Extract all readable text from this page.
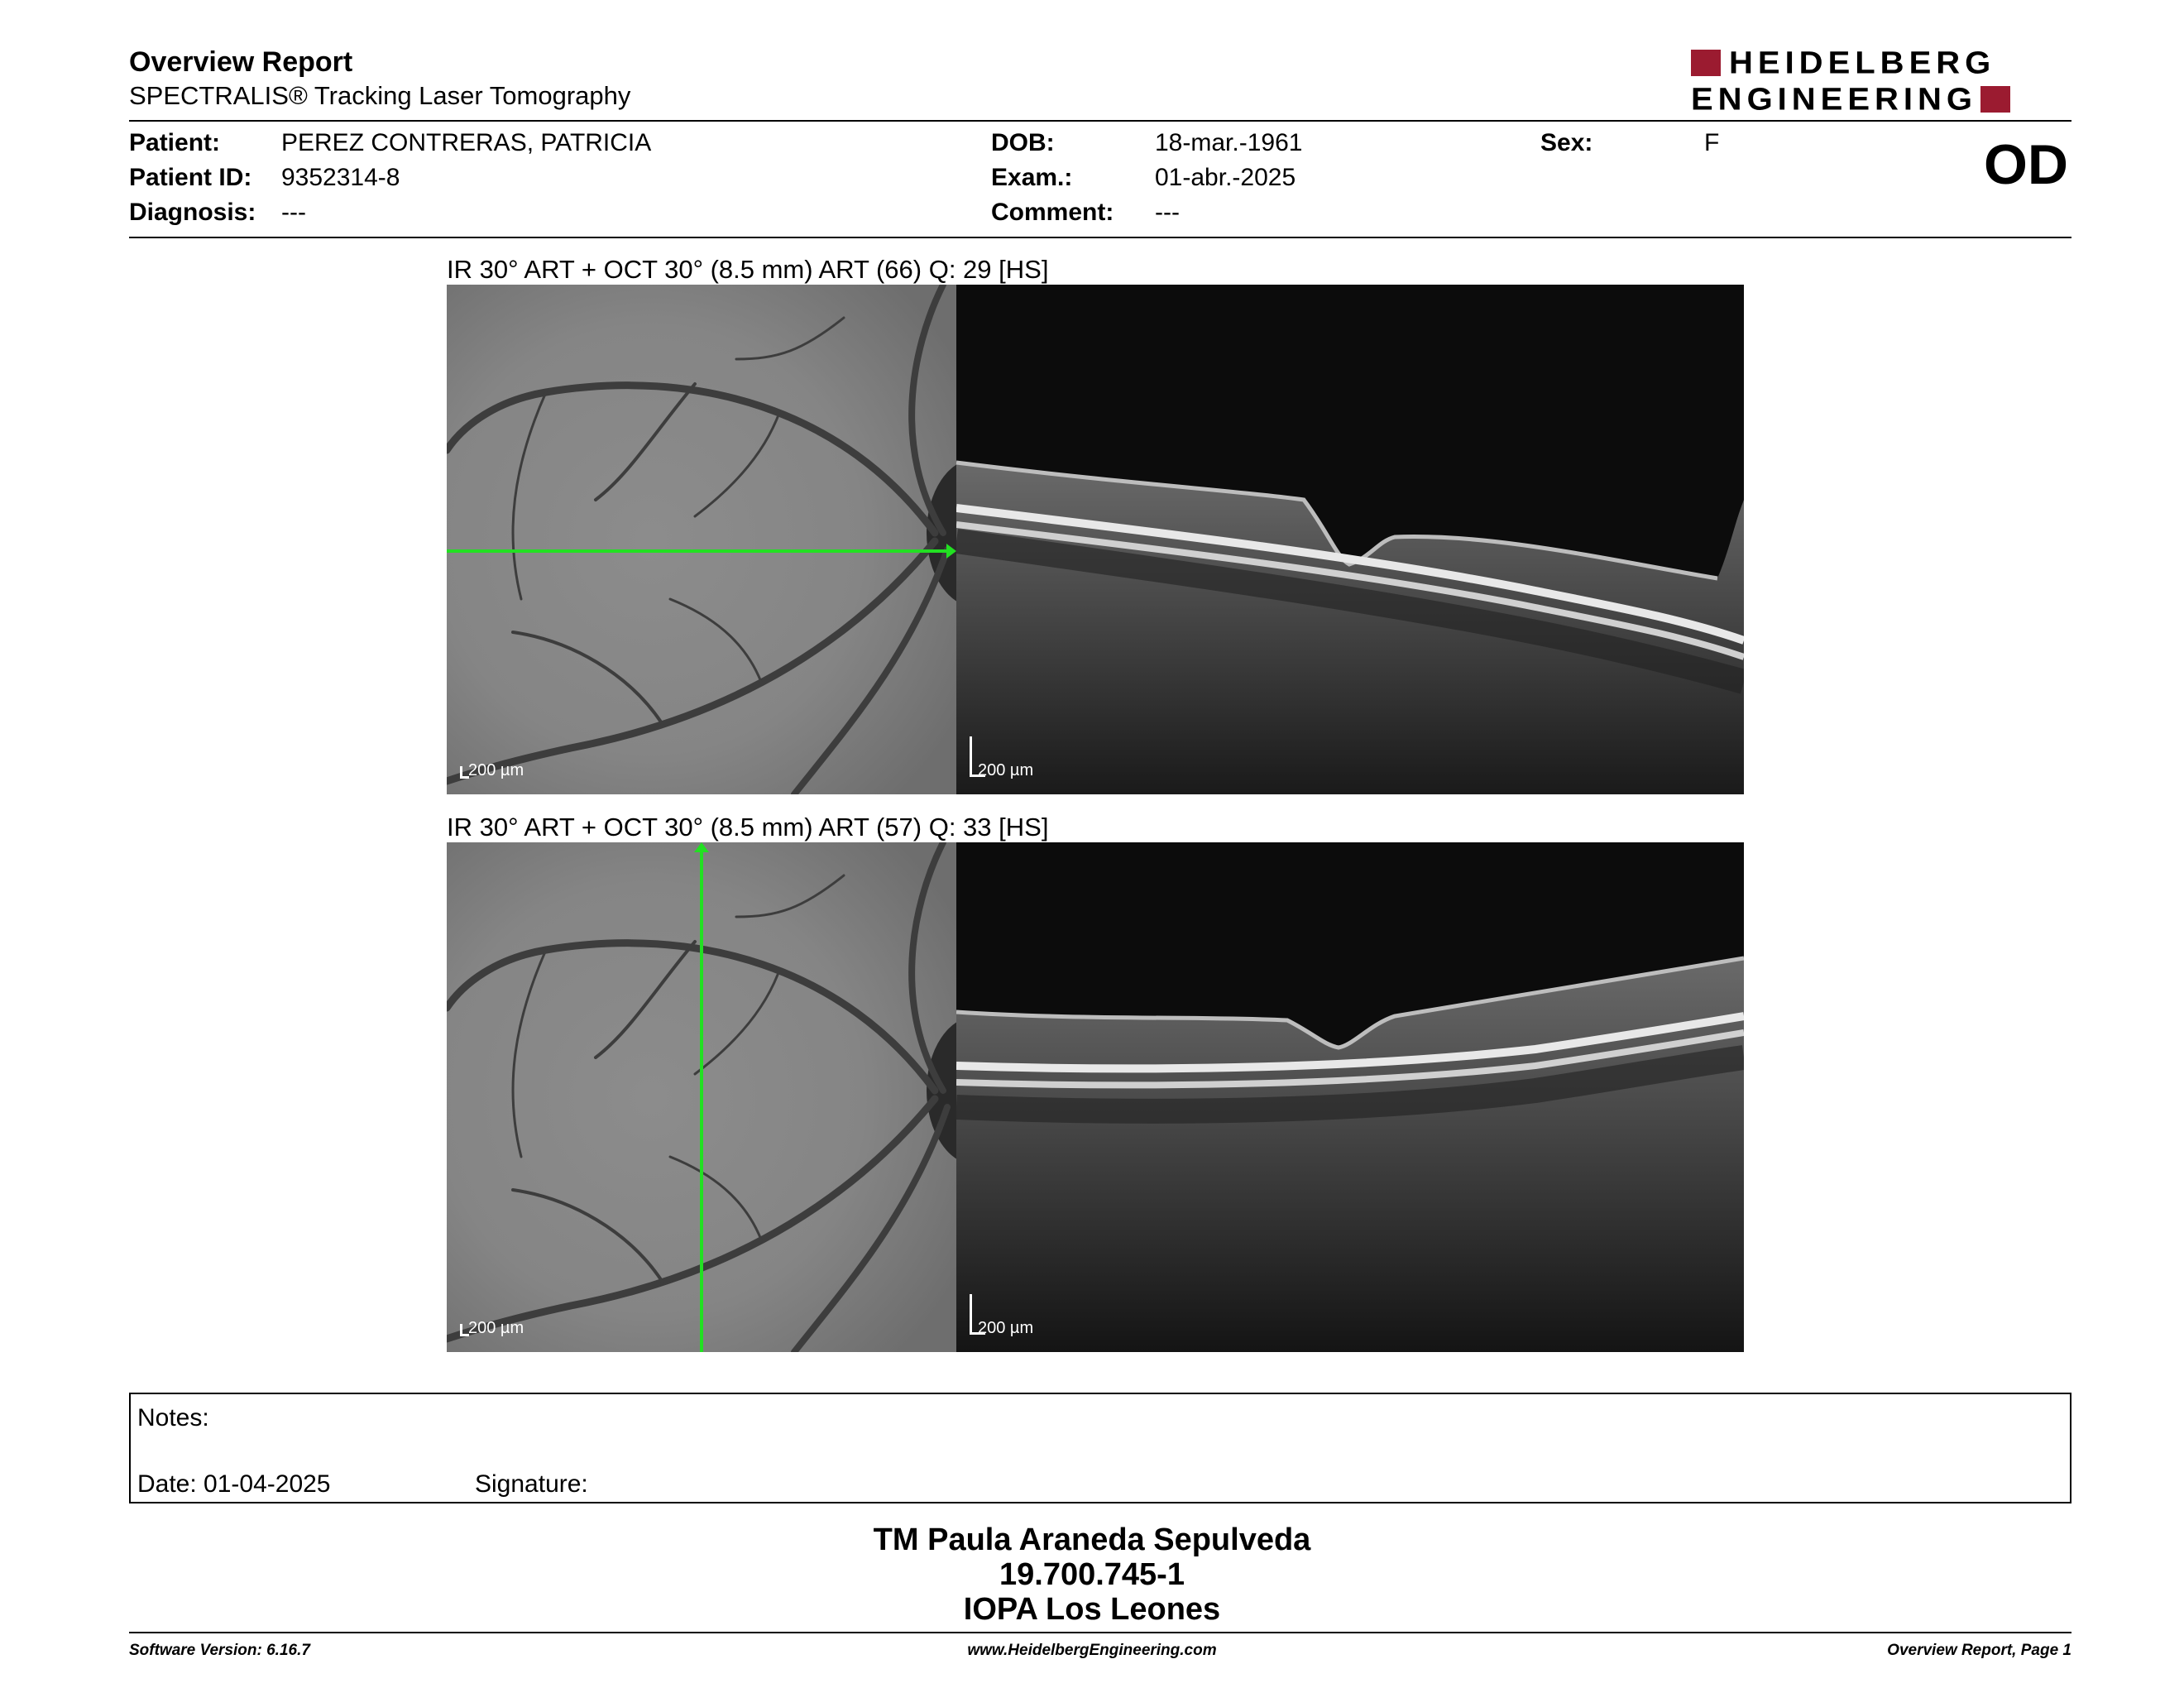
Overview Report
SPECTRALIS® Tracking Laser Tomography
HEIDELBERG
ENGINEERING
Patient: PEREZ CONTRERAS, PATRICIA
Patient ID: 9352314-8
Diagnosis: ---
DOB:	18-mar.-1961
Exam.:	01-abr.-2025
Comment: ---
Sex:	F	OD
IR 30° ART + OCT 30° (8.5 mm) ART (66) Q: 29 [HS]
200 µm	200 µm
IR 30° ART + OCT 30° (8.5 mm) ART (57) Q: 33 [HS]
200 µm	200 µm
Notes:
Date: 01-04-2025	Signature:
TM Paula Araneda Sepulveda
19.700.745-1
IOPA Los Leones
Software Version: 6.16.7	www.HeidelbergEngineering.com	Overview Report, Page 1
